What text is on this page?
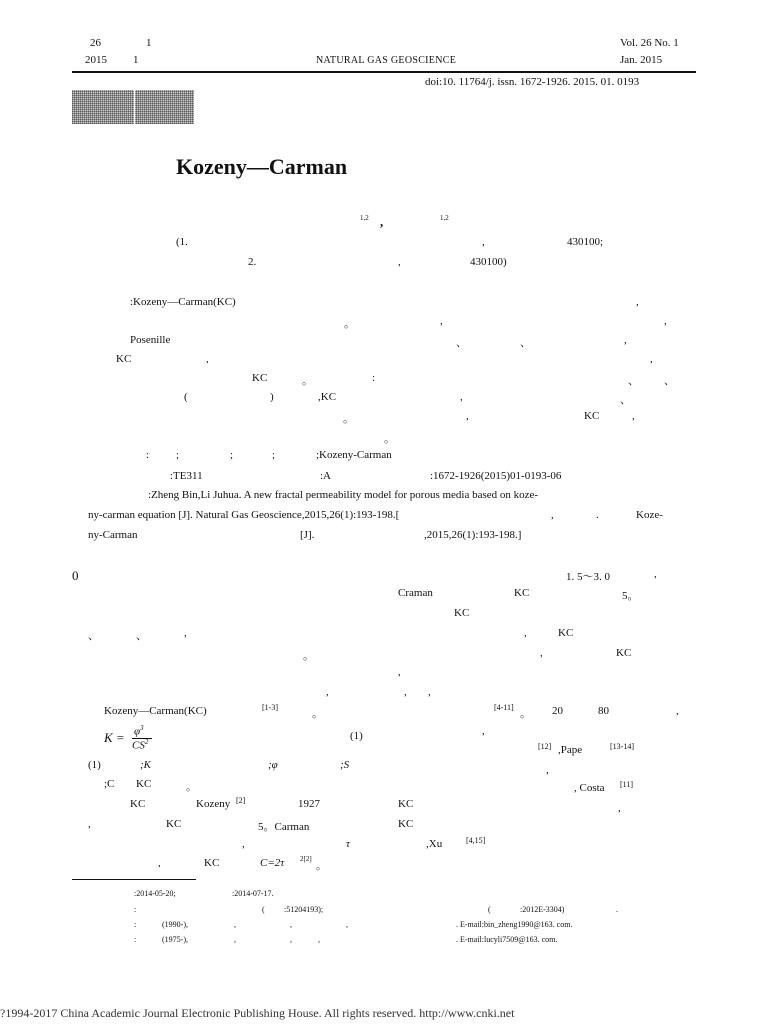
26	1
2015 1	NATURAL GAS GEOSCIENCE
Vol. 26 No. 1
Jan. 2015
doi:10. 11764/j. issn. 1672-1926. 2015. 01. 0193
Kozeny—Carman
1,2 ,	1,2
(1.	,	430100;
2.	,	430100)
:Kozeny—Carman(KC)	,
。	,	,
Posenille	、	、	,
KC	,	,
KC	。	:	、 、
(	)	,KC	,	、
。	,	KC	,
。
: ;	;	;	;Kozeny-Carman
:TE311	:A	:1672-1926(2015)01-0193-06
:Zheng Bin,Li Juhua. A new fractal permeability model for porous media based on koze-
ny-carman equation [J]. Natural Gas Geoscience,2015,26(1):193-198.[	,	.	Koze-
ny-Carman	[J].	,2015,26(1):193-198.]
0
、	、	,
。
,	,
Kozeny—Carman(KC)	[1-3]
。
$K = \varphi^3$
$CS^2$	(1)
(1)	;K	;φ	;S
;C KC	。
KC	Kozeny [2]	1927
,	KC	5。Carman
,	τ
,	KC	C=2τ 2[2]
。
1. 5～3. 0	,
Craman	KC	5。
KC
,	KC
,	KC
,
,
[4-11]
。 20	80	,
,
[12] ,Pape	[13-14]
,
, Costa [11]
,
KC
KC
,Xu	[4,15]
:2014-05-20;	:2014-07-17.
:	( :51204193);	(	:2012E-3304)	.
:	(1990-),	,	,	,	. E-mail:bin_zheng1990@163. com.
:	(1975-),	,	,	,	. E-mail:lucyli7509@163. com.
?1994-2017 China Academic Journal Electronic Publishing House. All rights reserved. http://www.cnki.net
